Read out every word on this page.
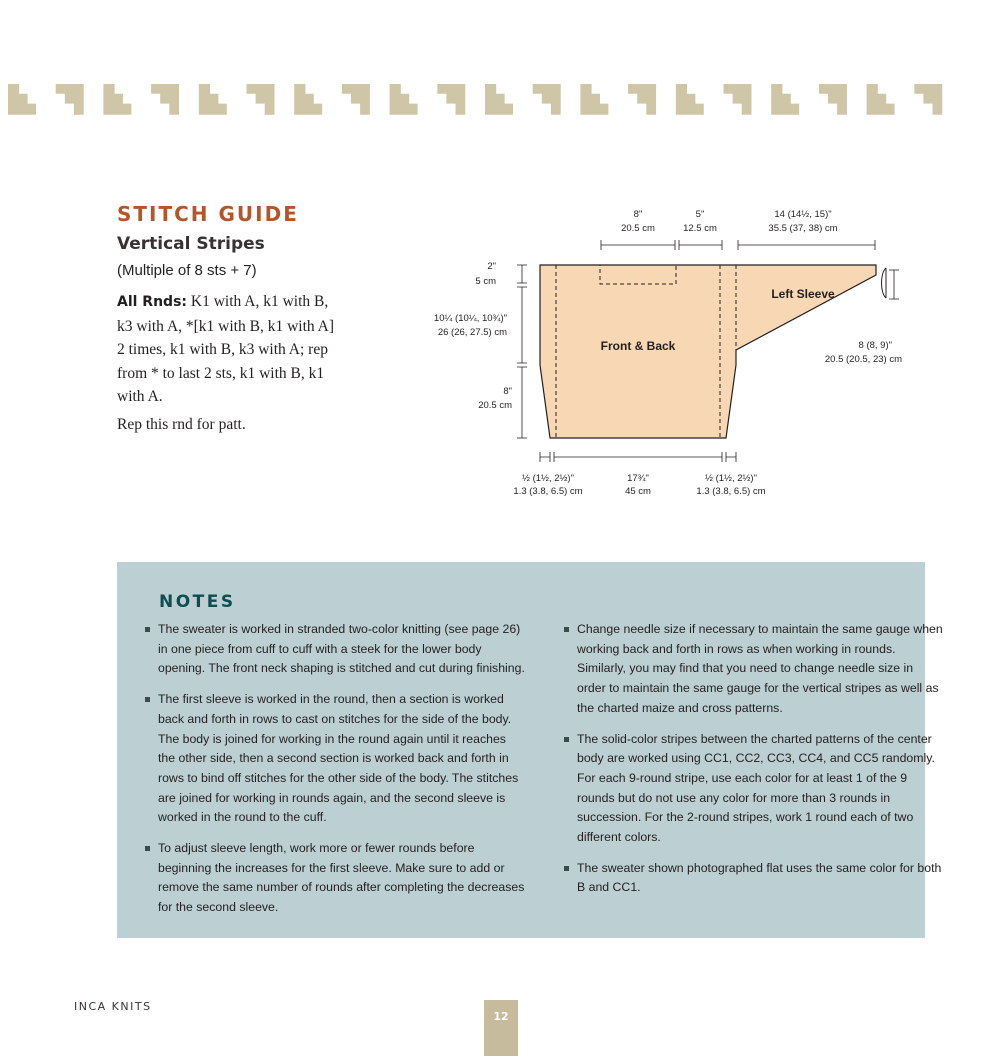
STITCH GUIDE
Vertical Stripes
(Multiple of 8 sts + 7)

All Rnds: K1 with A, k1 with B,
k3 with A, *[k1 with B, k1 with A]
2 times, k1 with B, k3 with A; rep
from * to last 2 sts, k1 with B, k1
with A.

Rep this rnd for patt.

Front & Back
Left Sleeve
8"
20.5 cm
5"
12.5 cm
14 (14½, 15)"
35.5 (37, 38) cm
2"
5 cm
10¼ (10¼, 10¾)"
26 (26, 27.5) cm
8"
20.5 cm
8 (8, 9)"
20.5 (20.5, 23) cm
½ (1½, 2½)"
1.3 (3.8, 6.5) cm
17¾"
45 cm
½ (1½, 2½)"
1.3 (3.8, 6.5) cm
NOTES

The sweater is worked in stranded two-color knitting (see page 26) in one piece from cuff to cuff with a steek for the lower body opening. The front neck shaping is stitched and cut during finishing.

The first sleeve is worked in the round, then a section is worked back and forth in rows to cast on stitches for the side of the body. The body is joined for working in the round again until it reaches the other side, then a second section is worked back and forth in rows to bind off stitches for the other side of the body. The stitches are joined for working in rounds again, and the second sleeve is worked in the round to the cuff.

To adjust sleeve length, work more or fewer rounds before beginning the increases for the first sleeve. Make sure to add or remove the same number of rounds after completing the decreases for the second sleeve.

Change needle size if necessary to maintain the same gauge when working back and forth in rows as when working in rounds. Similarly, you may find that you need to change needle size in order to maintain the same gauge for the vertical stripes as well as the charted maize and cross patterns.

The solid-color stripes between the charted patterns of the center body are worked using CC1, CC2, CC3, CC4, and CC5 randomly. For each 9-round stripe, use each color for at least 1 of the 9 rounds but do not use any color for more than 3 rounds in succession. For the 2-round stripes, work 1 round each of two different colors.

The sweater shown photographed flat uses the same color for both B and CC1.

INCA KNITS
12
